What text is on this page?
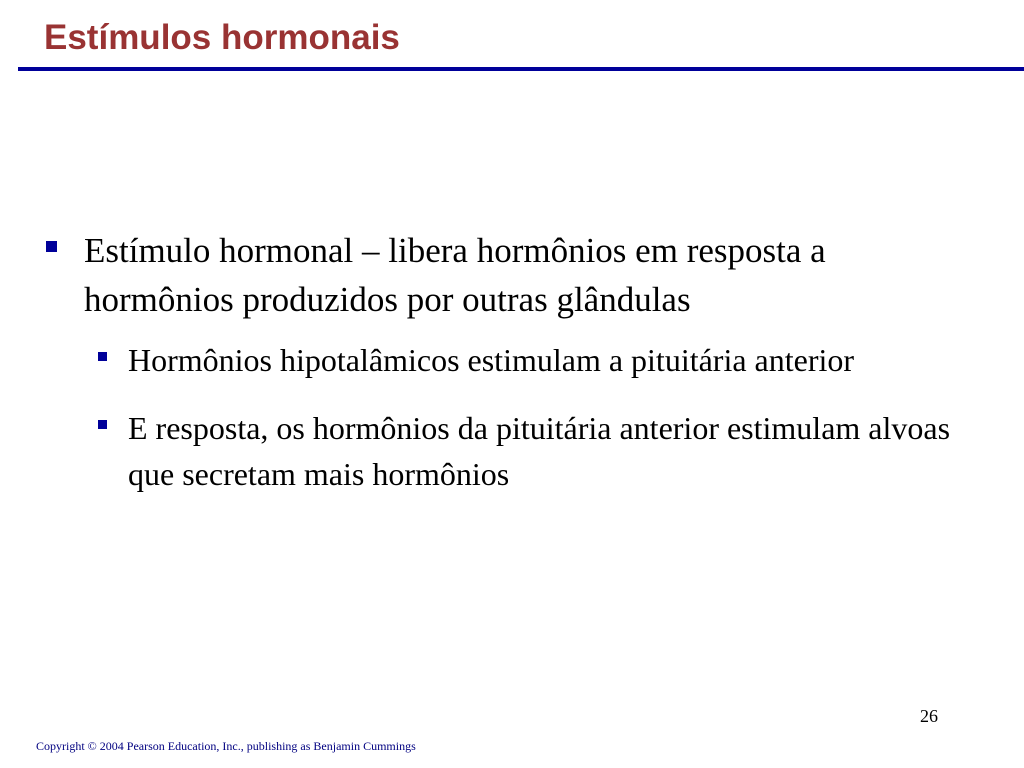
Estímulos hormonais
Estímulo hormonal – libera hormônios em resposta a hormônios produzidos por outras glândulas
Hormônios hipotalâmicos estimulam a pituitária anterior
E resposta, os hormônios da pituitária anterior estimulam alvoas que secretam mais hormônios
26
Copyright © 2004 Pearson Education, Inc., publishing as Benjamin Cummings
